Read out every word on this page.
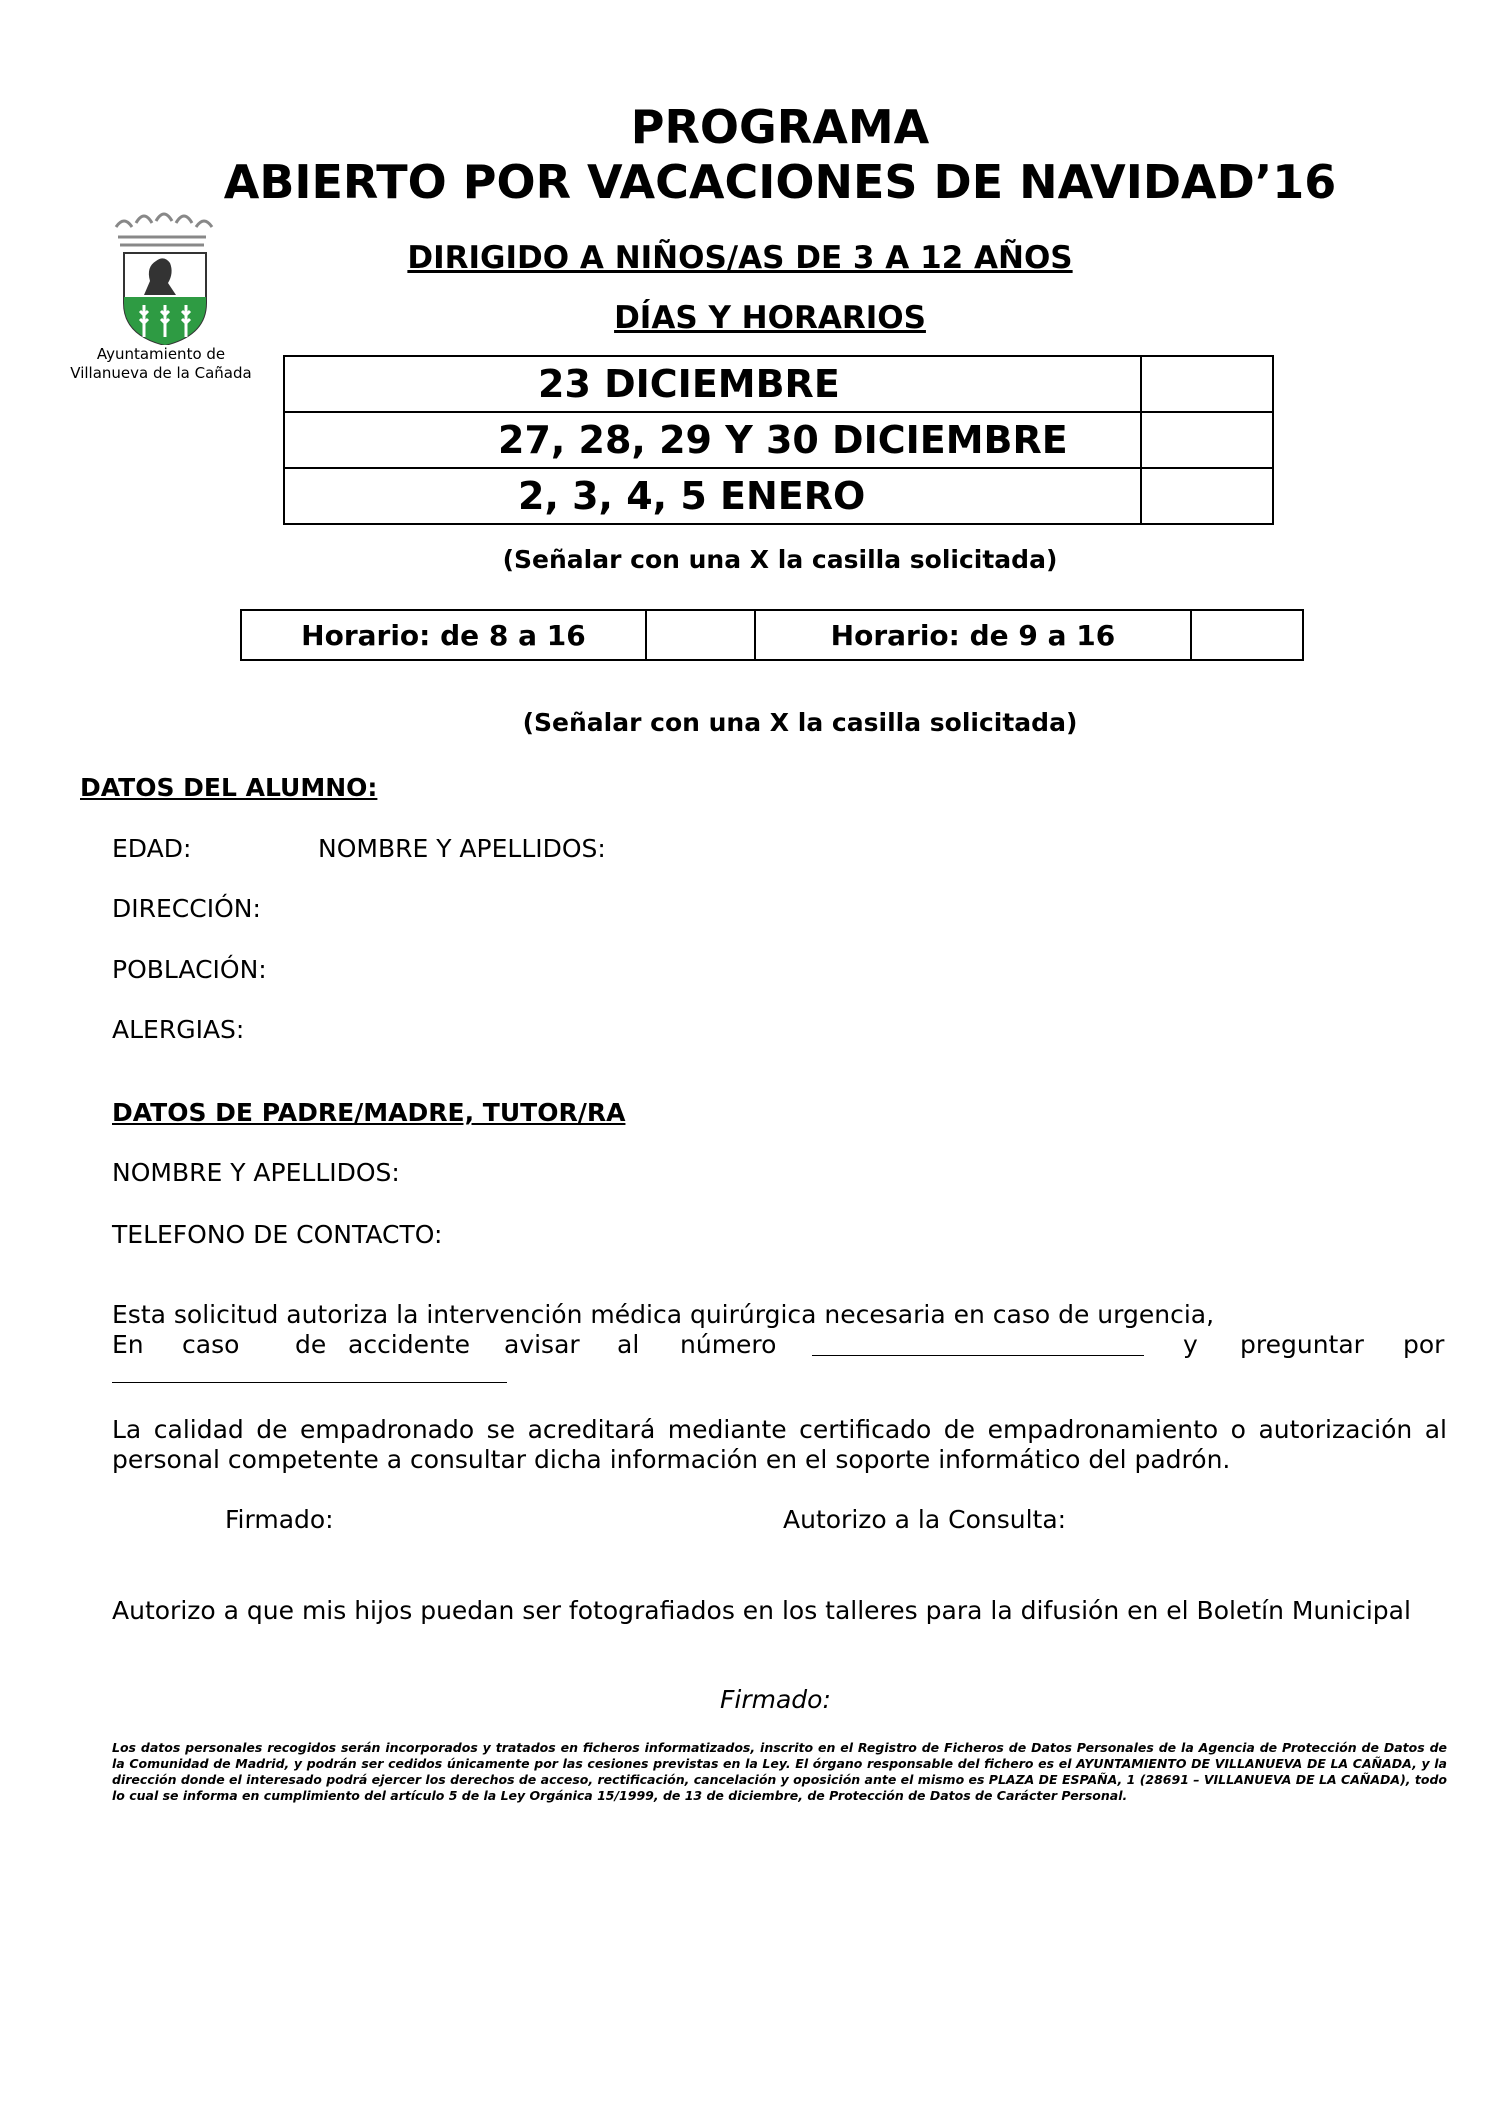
PROGRAMA
ABIERTO POR VACACIONES DE NAVIDAD’16
Ayuntamiento de
Villanueva de la Cañada
DIRIGIDO A NIÑOS/AS DE 3 A 12 AÑOS
DÍAS Y HORARIOS
23 DICIEMBRE	
27, 28, 29 Y 30 DICIEMBRE	
2, 3, 4, 5 ENERO	
(Señalar con una X la casilla solicitada)
Horario: de 8 a 16		Horario: de 9 a 16	
(Señalar con una X la casilla solicitada)
DATOS DEL ALUMNO:
EDAD:	NOMBRE Y APELLIDOS:
DIRECCIÓN:
POBLACIÓN:
ALERGIAS:
DATOS DE PADRE/MADRE, TUTOR/RA
NOMBRE Y APELLIDOS:
TELEFONO DE CONTACTO:
Esta solicitud autoriza la intervención médica quirúrgica necesaria en caso de urgencia,
En caso de accidente avisar al número	y preguntar por
La calidad de empadronado se acreditará mediante certificado de empadronamiento o autorización al personal competente a consultar dicha información en el soporte informático del padrón.
Firmado:	Autorizo a la Consulta:
Autorizo a que mis hijos puedan ser fotografiados en los talleres para la difusión en el Boletín Municipal
Firmado:
Los datos personales recogidos serán incorporados y tratados en ficheros informatizados, inscrito en el Registro de Ficheros de Datos Personales de la Agencia de Protección de Datos de la Comunidad de Madrid, y podrán ser cedidos únicamente por las cesiones previstas en la Ley. El órgano responsable del fichero es el AYUNTAMIENTO DE VILLANUEVA DE LA CAÑADA, y la dirección donde el interesado podrá ejercer los derechos de acceso, rectificación, cancelación y oposición ante el mismo es PLAZA DE ESPAÑA, 1 (28691 – VILLANUEVA DE LA CAÑADA), todo lo cual se informa en cumplimiento del artículo 5 de la Ley Orgánica 15/1999, de 13 de diciembre, de Protección de Datos de Carácter Personal.
